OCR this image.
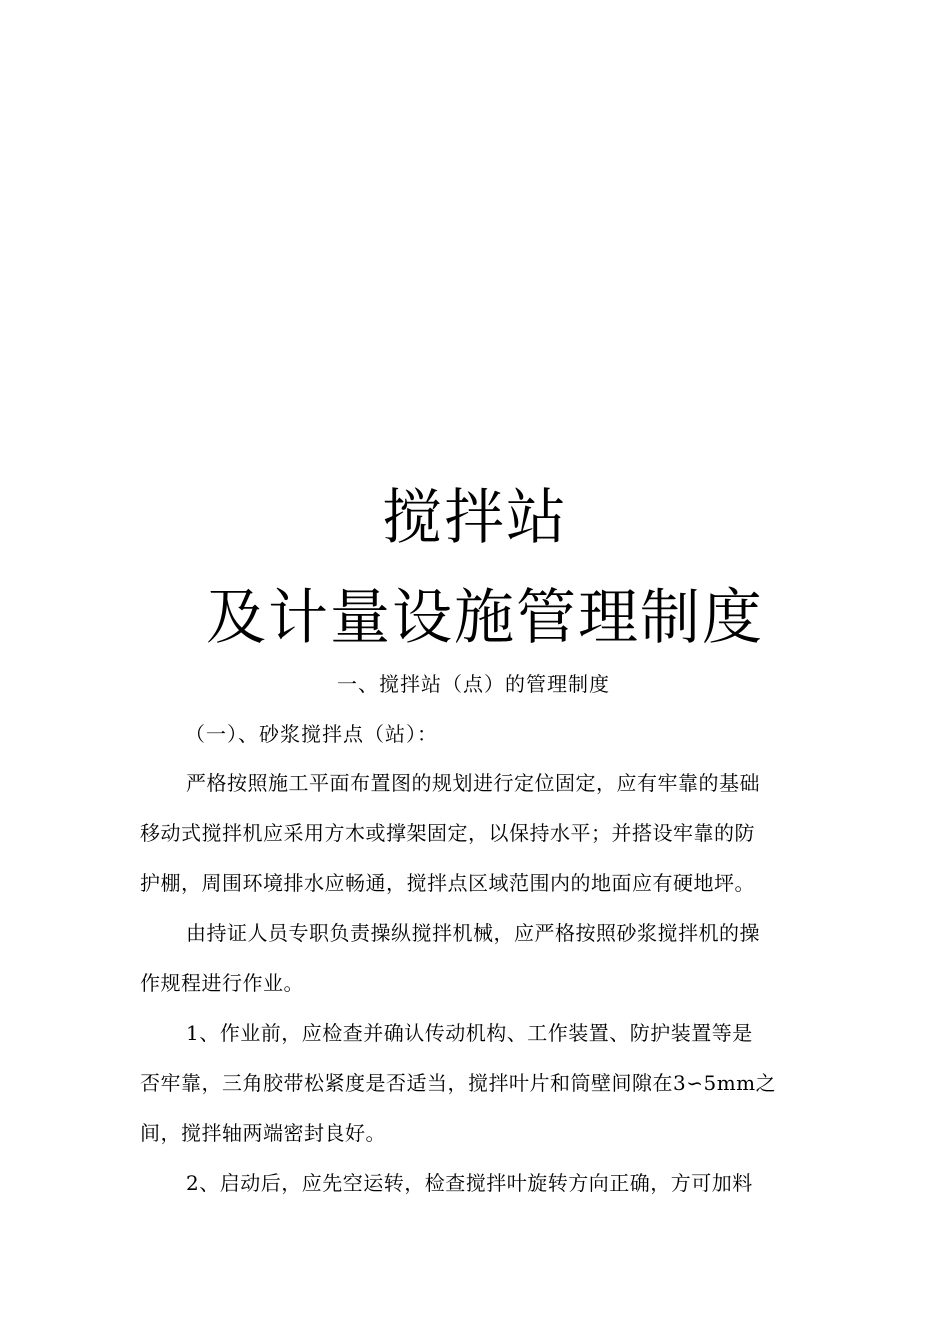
搅拌站
及计量设施管理制度
一、搅拌站（点）的管理制度
（一）、砂浆搅拌点（站）：
严格按照施工平面布置图的规划进行定位固定，应有牢靠的基础
移动式搅拌机应采用方木或撑架固定，以保持水平；并搭设牢靠的防
护棚，周围环境排水应畅通，搅拌点区域范围内的地面应有硬地坪。
由持证人员专职负责操纵搅拌机械，应严格按照砂浆搅拌机的操
作规程进行作业。
1、作业前，应检查并确认传动机构、工作装置、防护装置等是
否牢靠，三角胶带松紧度是否适当，搅拌叶片和筒壁间隙在3∽5mm之
间，搅拌轴两端密封良好。
2、启动后，应先空运转，检查搅拌叶旋转方向正确，方可加料
